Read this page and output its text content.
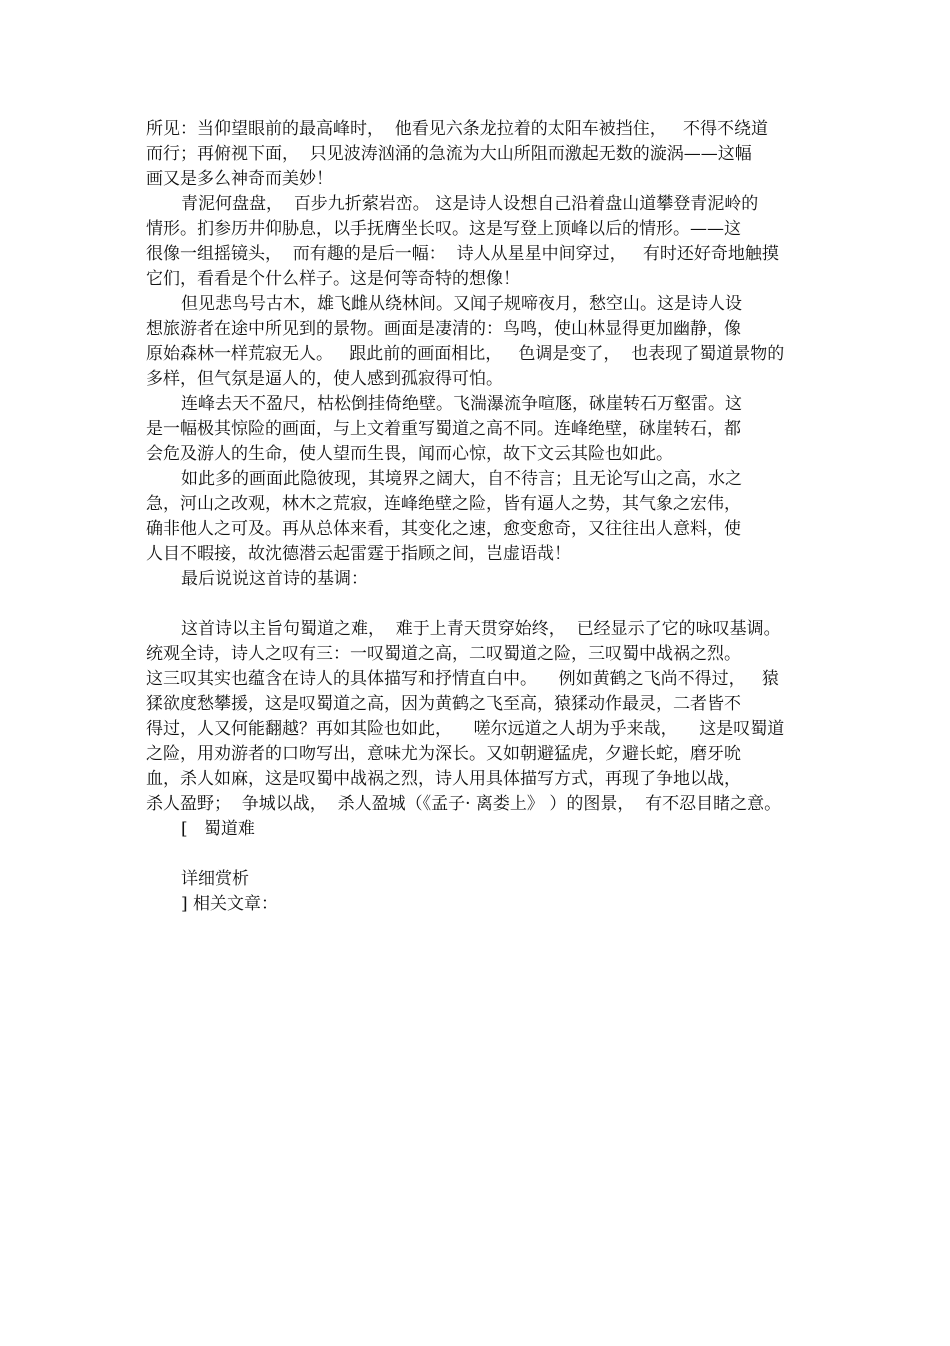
所见：当仰望眼前的最高峰时，  他看见六条龙拉着的太阳车被挡住，   不得不绕道
而行；再俯视下面，  只见波涛汹涌的急流为大山所阻而激起无数的漩涡——这幅
画又是多么神奇而美妙！
青泥何盘盘，  百步九折萦岩峦。 这是诗人设想自己沿着盘山道攀登青泥岭的
情形。扪参历井仰胁息，以手抚膺坐长叹。这是写登上顶峰以后的情形。——这
很像一组摇镜头，  而有趣的是后一幅：  诗人从星星中间穿过，   有时还好奇地触摸
它们，看看是个什么样子。这是何等奇特的想像！
但见悲鸟号古木，雄飞雌从绕林间。又闻子规啼夜月，愁空山。这是诗人设
想旅游者在途中所见到的景物。画面是凄清的：鸟鸣，使山林显得更加幽静，像
原始森林一样荒寂无人。   跟此前的画面相比，   色调是变了，  也表现了蜀道景物的
多样，但气氛是逼人的，使人感到孤寂得可怕。
连峰去天不盈尺，枯松倒挂倚绝壁。飞湍瀑流争喧豗，砯崖转石万壑雷。这
是一幅极其惊险的画面，与上文着重写蜀道之高不同。连峰绝壁，砯崖转石，都
会危及游人的生命，使人望而生畏，闻而心惊，故下文云其险也如此。
如此多的画面此隐彼现，其境界之阔大，自不待言；且无论写山之高，水之
急，河山之改观，林木之荒寂，连峰绝壁之险，皆有逼人之势，其气象之宏伟，
确非他人之可及。再从总体来看，其变化之速，愈变愈奇，又往往出人意料，使
人目不暇接，故沈德潜云起雷霆于指顾之间，岂虚语哉！
最后说说这首诗的基调：
这首诗以主旨句蜀道之难，  难于上青天贯穿始终，  已经显示了它的咏叹基调。
统观全诗，诗人之叹有三：一叹蜀道之高，二叹蜀道之险，三叹蜀中战祸之烈。
这三叹其实也蕴含在诗人的具体描写和抒情直白中。    例如黄鹤之飞尚不得过，   猿
猱欲度愁攀援，这是叹蜀道之高，因为黄鹤之飞至高，猿猱动作最灵，二者皆不
得过，人又何能翻越？再如其险也如此，    嗟尔远道之人胡为乎来哉，    这是叹蜀道
之险，用劝游者的口吻写出，意味尤为深长。又如朝避猛虎，夕避长蛇，磨牙吮
血，杀人如麻，这是叹蜀中战祸之烈，诗人用具体描写方式，再现了争地以战，
杀人盈野；  争城以战，  杀人盈城（《孟子· 离娄上》 ）的图景，  有不忍目睹之意。
[   蜀道难
详细赏析
] 相关文章：
